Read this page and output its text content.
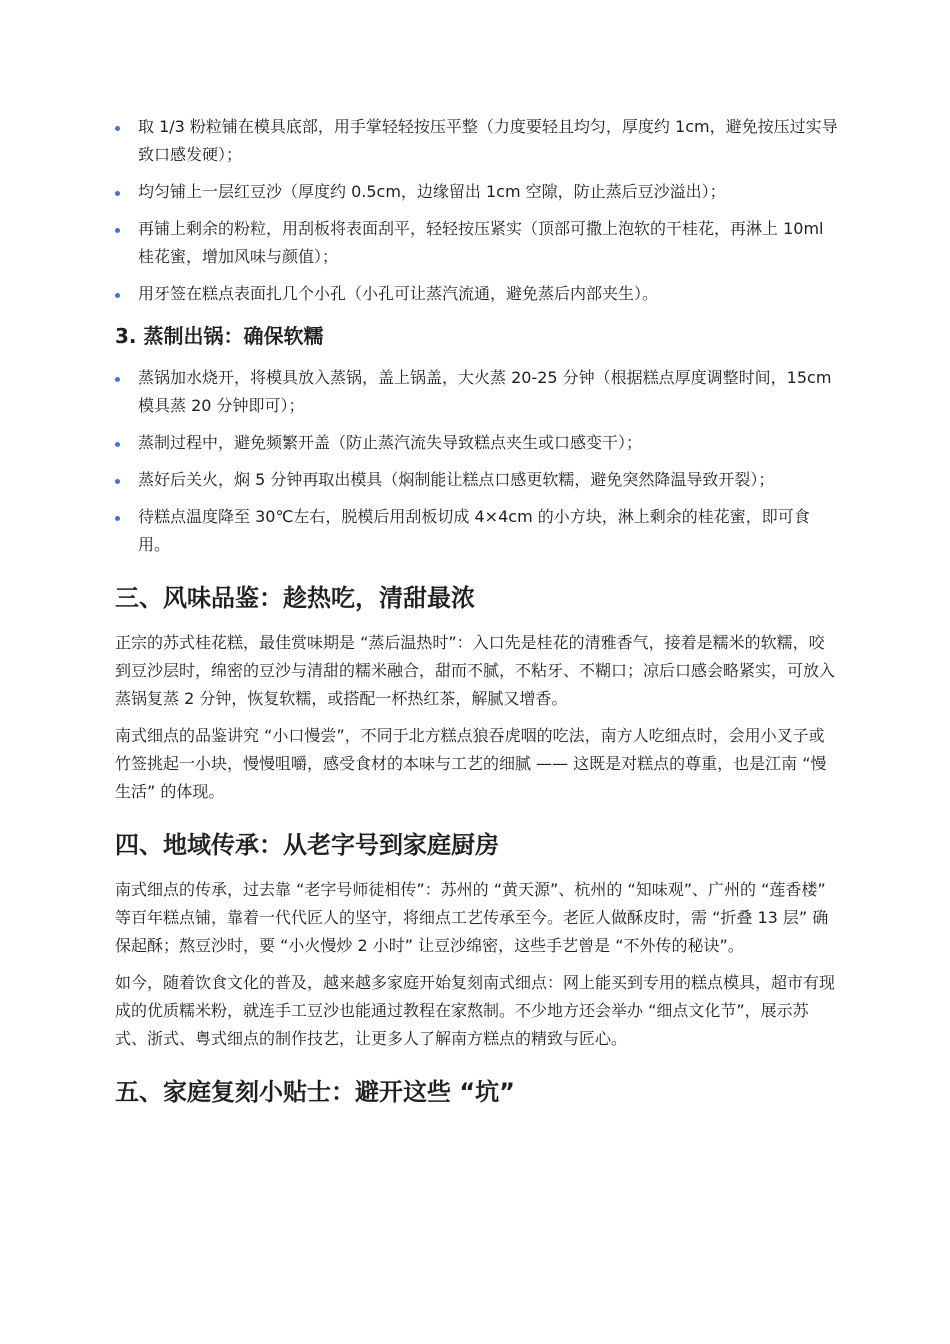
取 1/3 粉粒铺在模具底部，用手掌轻轻按压平整（力度要轻且均匀，厚度约 1cm，避免按压过实导致口感发硬）；
均匀铺上一层红豆沙（厚度约 0.5cm，边缘留出 1cm 空隙，防止蒸后豆沙溢出）；
再铺上剩余的粉粒，用刮板将表面刮平，轻轻按压紧实（顶部可撒上泡软的干桂花，再淋上 10ml 桂花蜜，增加风味与颜值）；
用牙签在糕点表面扎几个小孔（小孔可让蒸汽流通，避免蒸后内部夹生）。
3. 蒸制出锅：确保软糯
蒸锅加水烧开，将模具放入蒸锅，盖上锅盖，大火蒸 20-25 分钟（根据糕点厚度调整时间，15cm 模具蒸 20 分钟即可）；
蒸制过程中，避免频繁开盖（防止蒸汽流失导致糕点夹生或口感变干）；
蒸好后关火，焖 5 分钟再取出模具（焖制能让糕点口感更软糯，避免突然降温导致开裂）；
待糕点温度降至 30℃左右，脱模后用刮板切成 4×4cm 的小方块，淋上剩余的桂花蜜，即可食用。
三、风味品鉴：趁热吃，清甜最浓

正宗的苏式桂花糕，最佳赏味期是 “蒸后温热时”：入口先是桂花的清雅香气，接着是糯米的软糯，咬到豆沙层时，绵密的豆沙与清甜的糯米融合，甜而不腻，不粘牙、不糊口；凉后口感会略紧实，可放入蒸锅复蒸 2 分钟，恢复软糯，或搭配一杯热红茶，解腻又增香。

南式细点的品鉴讲究 “小口慢尝”，不同于北方糕点狼吞虎咽的吃法，南方人吃细点时，会用小叉子或竹签挑起一小块，慢慢咀嚼，感受食材的本味与工艺的细腻 —— 这既是对糕点的尊重，也是江南 “慢生活” 的体现。

四、地域传承：从老字号到家庭厨房

南式细点的传承，过去靠 “老字号师徒相传”：苏州的 “黄天源”、杭州的 “知味观”、广州的 “莲香楼” 等百年糕点铺，靠着一代代匠人的坚守，将细点工艺传承至今。老匠人做酥皮时，需 “折叠 13 层” 确保起酥；熬豆沙时，要 “小火慢炒 2 小时” 让豆沙绵密，这些手艺曾是 “不外传的秘诀”。

如今，随着饮食文化的普及，越来越多家庭开始复刻南式细点：网上能买到专用的糕点模具，超市有现成的优质糯米粉，就连手工豆沙也能通过教程在家熬制。不少地方还会举办 “细点文化节”，展示苏式、浙式、粤式细点的制作技艺，让更多人了解南方糕点的精致与匠心。

五、家庭复刻小贴士：避开这些 “坑”
